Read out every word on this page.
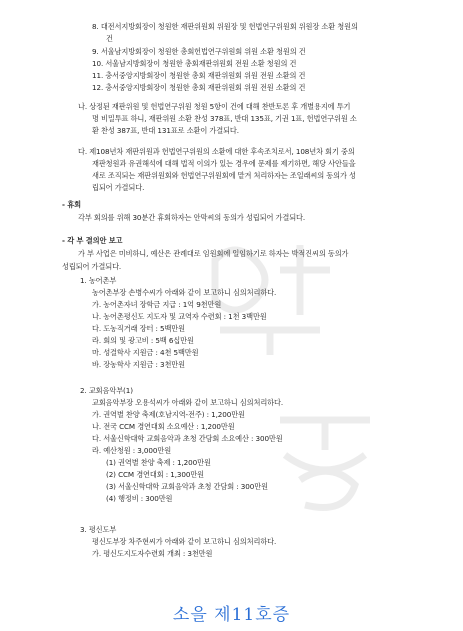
8. 대전서지방회장이 청원한 재판위원회 위원장 및 헌법연구위원회 위원장 소환 청원의
건
9. 서울남지방회장이 청원한 총회헌법연구위원회 위원 소환 청원의 건
10. 서울남지방회장이 청원한 총회재판위원회 전원 소환 청원의 건
11. 충서중앙지방회장이 청원한 총회 재판위원회 위원 전원 소환의 건
12. 충서중앙지방회장이 청원한 총회 재판위원회 위원 전원 소환의 건
나. 상정된 재판위원 및 헌법연구위원 청원 5항이 건에 대해 찬반토론 후 개별용지에 투기
명 비밀투표 하니, 재판위원 소환 찬성 378표, 반대 135표, 기권 1표, 헌법연구위원 소
환 찬성 387표, 반대 131표로 소환이 가결되다.
다. 제108년차 재판위원과 헌법연구위원의 소환에 대한 후속조치로서, 108년차 회기 중의
재판청원과 유권해석에 대해 법적 이의가 있는 경우에 문제를 제기하면, 해당 사안들을
새로 조직되는 재판위원회와 헌법연구위원회에 맡겨 처리하자는 조일래씨의 동의가 성
립되어 가결되다.
- 휴회
각부 회의를 위해 30분간 휴회하자는 안막씨의 동의가 성립되어 가결되다.
- 각 부 결의안 보고
가 부 사업은 미비하니, 예산은 관례대로 임원회에 일임하기로 하자는 박적진씨의 동의가
성립되어 가결되다.
1. 농어촌부
농어촌부장 손병수씨가 아래와 같이 보고하니 심의처리하다.
가. 농어촌자녀 장학금 지급 : 1억 9천만원
나. 농어촌평신도 지도자 및 교역자 수련회 : 1천 3백만원
다. 도농직거래 장터 : 5백만원
라. 회의 및 광고비 : 5백 6십만원
마. 성결학사 지원금 : 4천 5백만원
바. 장농학사 지원금 : 3천만원
2. 교회음악부(1)
교회음악부장 오용석씨가 아래와 같이 보고하니 심의처리하다.
가. 권역별 찬양 축제(호남지역-전주) : 1,200만원
나. 전국 CCM 경연대회 소요예산 : 1,200만원
다. 서울신학대학 교회음악과 초청 간담회 소요예산 : 300만원
라. 예산청원 : 3,000만원
(1) 권역별 찬양 축제 : 1,200만원
(2) CCM 경연대회 : 1,300만원
(3) 서울신학대학 교회음악과 초청 간담회 : 300만원
(4) 행정비 : 300만원
3. 평신도부
평신도부장 차주현씨가 아래와 같이 보고하니 심의처리하다.
가. 평신도지도자수련회 개최 : 3천만원
소을 제11호증
